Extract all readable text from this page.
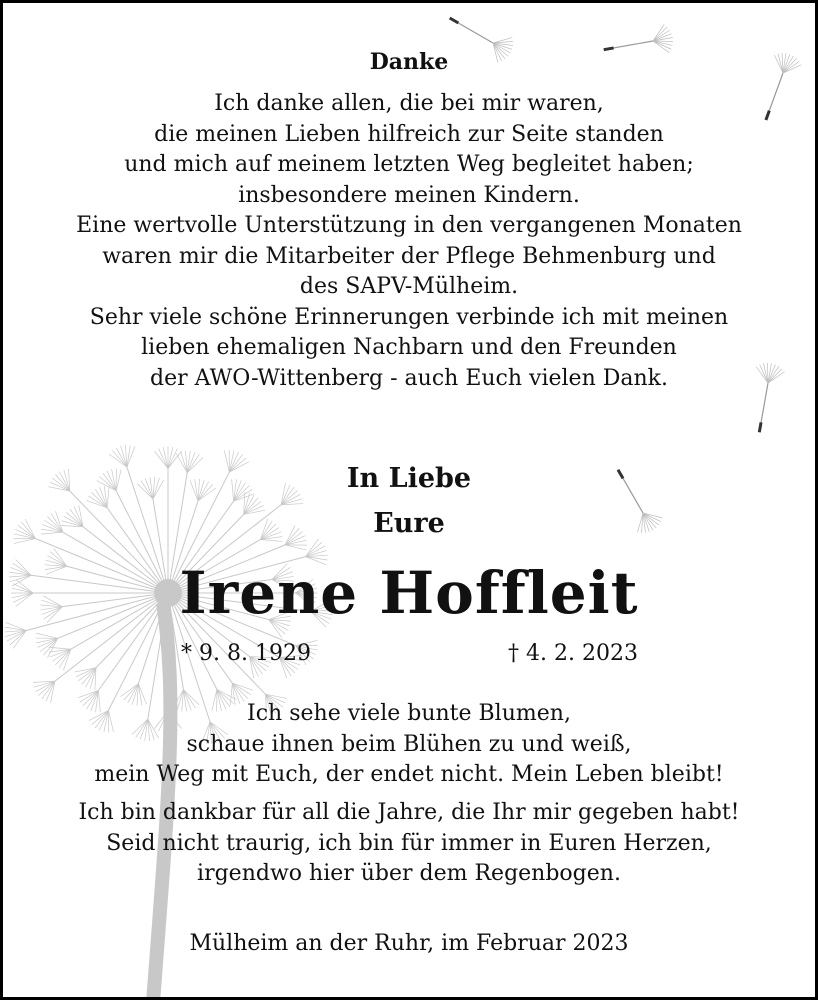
Danke
Ich danke allen, die bei mir waren,
die meinen Lieben hilfreich zur Seite standen
und mich auf meinem letzten Weg begleitet haben;
insbesondere meinen Kindern.
Eine wertvolle Unterstützung in den vergangenen Monaten
waren mir die Mitarbeiter der Pflege Behmenburg und
des SAPV-Mülheim.
Sehr viele schöne Erinnerungen verbinde ich mit meinen
lieben ehemaligen Nachbarn und den Freunden
der AWO-Wittenberg - auch Euch vielen Dank.
In Liebe
Eure
Irene Hoffleit
* 9. 8. 1929	† 4. 2. 2023
Ich sehe viele bunte Blumen,
schaue ihnen beim Blühen zu und weiß,
mein Weg mit Euch, der endet nicht. Mein Leben bleibt!
Ich bin dankbar für all die Jahre, die Ihr mir gegeben habt!
Seid nicht traurig, ich bin für immer in Euren Herzen,
irgendwo hier über dem Regenbogen.
Mülheim an der Ruhr, im Februar 2023
